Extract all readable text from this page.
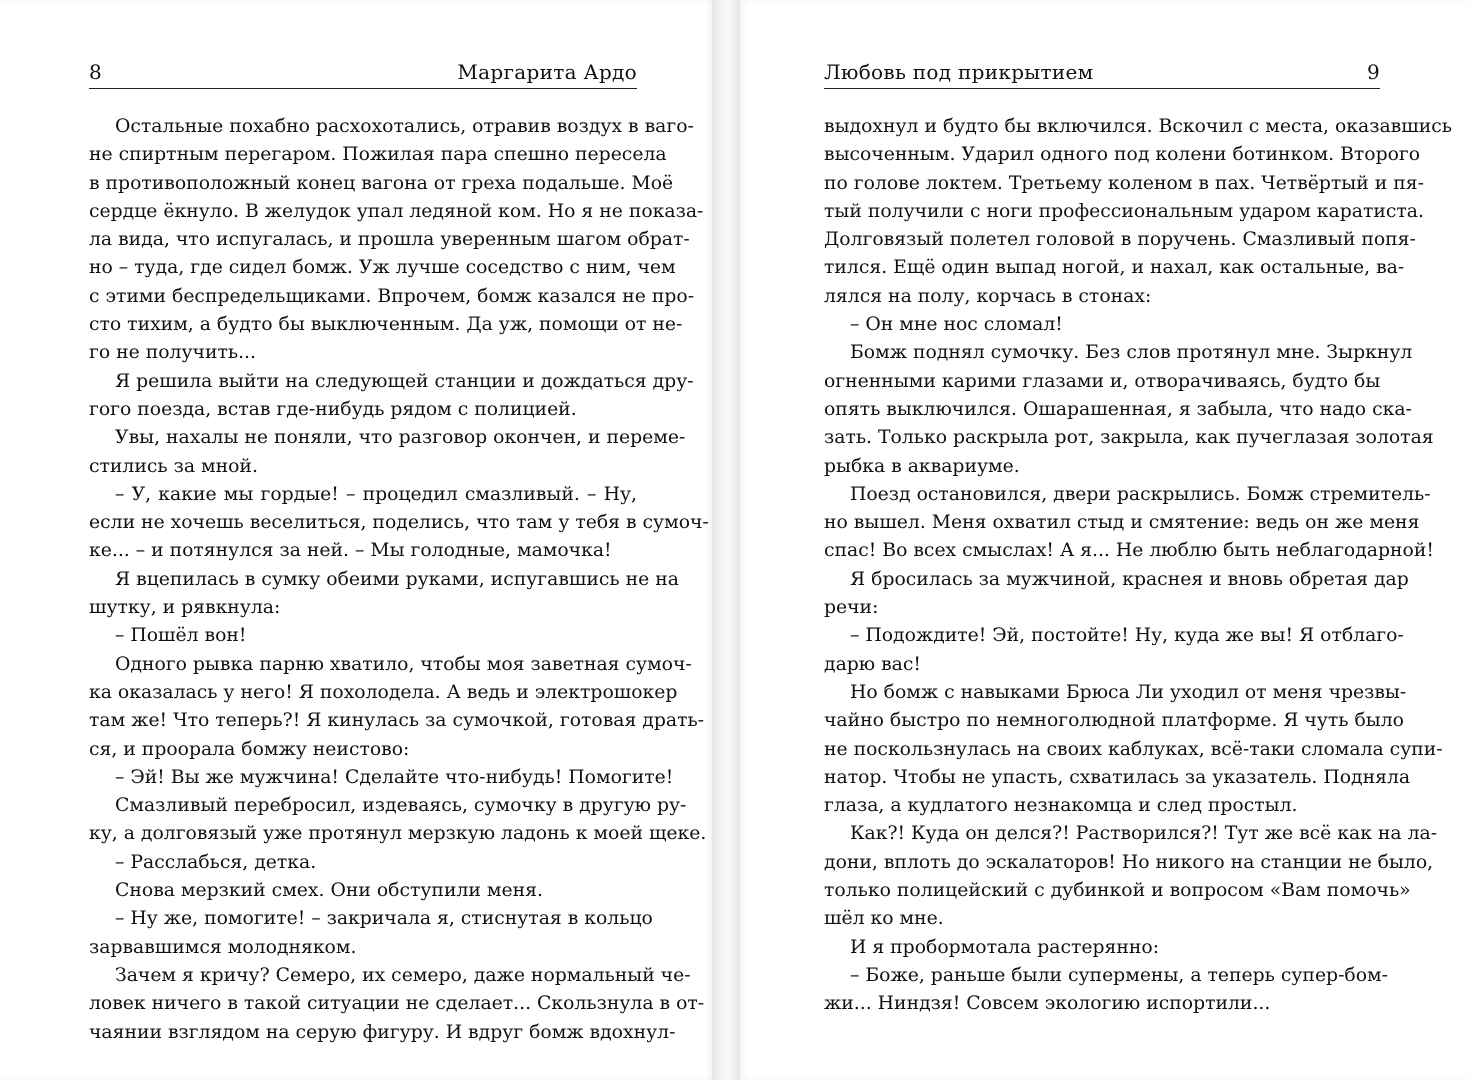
8	Маргарита Ардо
Остальные похабно расхохотались, отравив воздух в ваго-
не спиртным перегаром. Пожилая пара спешно пересела
в противоположный конец вагона от греха подальше. Моё
сердце ёкнуло. В желудок упал ледяной ком. Но я не показа-
ла вида, что испугалась, и прошла уверенным шагом обрат-
но – туда, где сидел бомж. Уж лучше соседство с ним, чем
с этими беспредельщиками. Впрочем, бомж казался не про-
сто тихим, а будто бы выключенным. Да уж, помощи от не-
го не получить...
Я решила выйти на следующей станции и дождаться дру-
гого поезда, встав где-нибудь рядом с полицией.
Увы, нахалы не поняли, что разговор окончен, и переме-
стились за мной.
– У, какие мы гордые! – процедил смазливый. – Ну,
если не хочешь веселиться, поделись, что там у тебя в сумоч-
ке... – и потянулся за ней. – Мы голодные, мамочка!
Я вцепилась в сумку обеими руками, испугавшись не на
шутку, и рявкнула:
– Пошёл вон!
Одного рывка парню хватило, чтобы моя заветная сумоч-
ка оказалась у него! Я похолодела. А ведь и электрошокер
там же! Что теперь?! Я кинулась за сумочкой, готовая драть-
ся, и проорала бомжу неистово:
– Эй! Вы же мужчина! Сделайте что-нибудь! Помогите!
Смазливый перебросил, издеваясь, сумочку в другую ру-
ку, а долговязый уже протянул мерзкую ладонь к моей щеке.
– Расслабься, детка.
Снова мерзкий смех. Они обступили меня.
– Ну же, помогите! – закричала я, стиснутая в кольцо
зарвавшимся молодняком.
Зачем я кричу? Семеро, их семеро, даже нормальный че-
ловек ничего в такой ситуации не сделает... Скользнула в от-
чаянии взглядом на серую фигуру. И вдруг бомж вдохнул-
Любовь под прикрытием	9
выдохнул и будто бы включился. Вскочил с места, оказавшись
высоченным. Ударил одного под колени ботинком. Второго
по голове локтем. Третьему коленом в пах. Четвёртый и пя-
тый получили с ноги профессиональным ударом каратиста.
Долговязый полетел головой в поручень. Смазливый попя-
тился. Ещё один выпад ногой, и нахал, как остальные, ва-
лялся на полу, корчась в стонах:
– Он мне нос сломал!
Бомж поднял сумочку. Без слов протянул мне. Зыркнул
огненными карими глазами и, отворачиваясь, будто бы
опять выключился. Ошарашенная, я забыла, что надо ска-
зать. Только раскрыла рот, закрыла, как пучеглазая золотая
рыбка в аквариуме.
Поезд остановился, двери раскрылись. Бомж стремитель-
но вышел. Меня охватил стыд и смятение: ведь он же меня
спас! Во всех смыслах! А я... Не люблю быть неблагодарной!
Я бросилась за мужчиной, краснея и вновь обретая дар
речи:
– Подождите! Эй, постойте! Ну, куда же вы! Я отблаго-
дарю вас!
Но бомж с навыками Брюса Ли уходил от меня чрезвы-
чайно быстро по немноголюдной платформе. Я чуть было
не поскользнулась на своих каблуках, всё-таки сломала супи-
натор. Чтобы не упасть, схватилась за указатель. Подняла
глаза, а кудлатого незнакомца и след простыл.
Как?! Куда он делся?! Растворился?! Тут же всё как на ла-
дони, вплоть до эскалаторов! Но никого на станции не было,
только полицейский с дубинкой и вопросом «Вам помочь»
шёл ко мне.
И я пробормотала растерянно:
– Боже, раньше были супермены, а теперь супер-бом-
жи... Ниндзя! Совсем экологию испортили...
